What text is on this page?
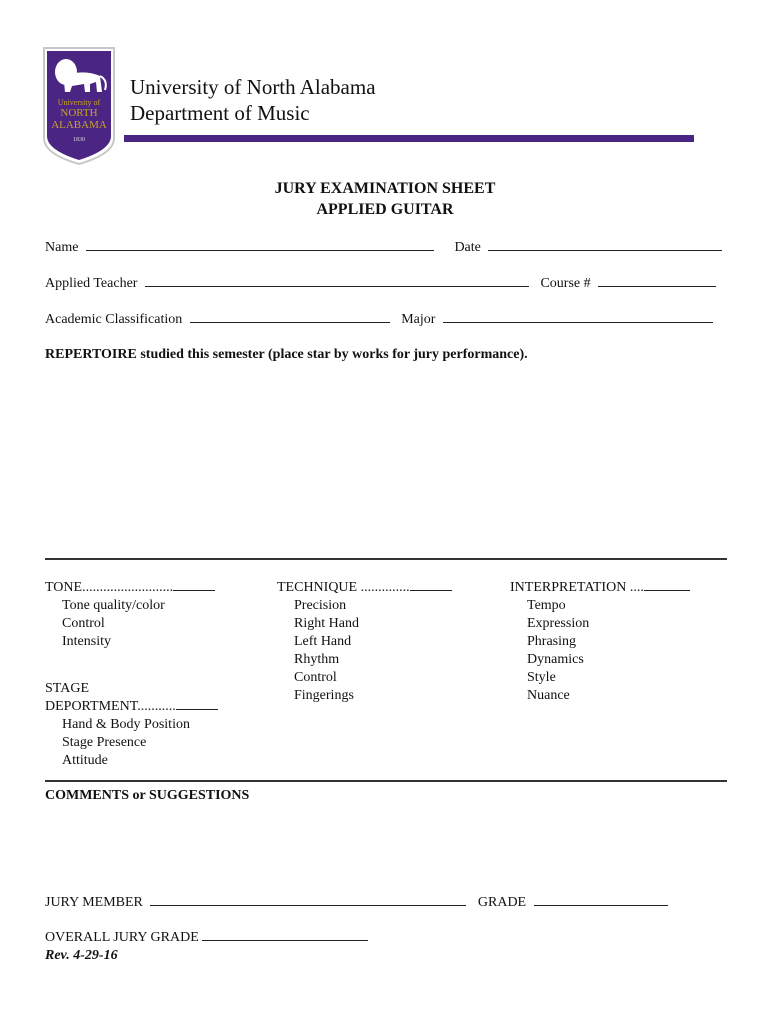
University of
NORTH
ALABAMA
1830
University of North Alabama
Department of Music
JURY EXAMINATION SHEET
APPLIED GUITAR
Name	Date
Applied Teacher	Course #
Academic Classification	Major
REPERTOIRE studied this semester (place star by works for jury performance).
TONE..........................
Tone quality/color
Control
Intensity
STAGE
DEPORTMENT...........
Hand & Body Position
Stage Presence
Attitude
TECHNIQUE ..............
Precision
Right Hand
Left Hand
Rhythm
Control
Fingerings
INTERPRETATION ....
Tempo
Expression
Phrasing
Dynamics
Style
Nuance
COMMENTS or SUGGESTIONS
JURY MEMBER	GRADE
OVERALL JURY GRADE
Rev. 4-29-16
